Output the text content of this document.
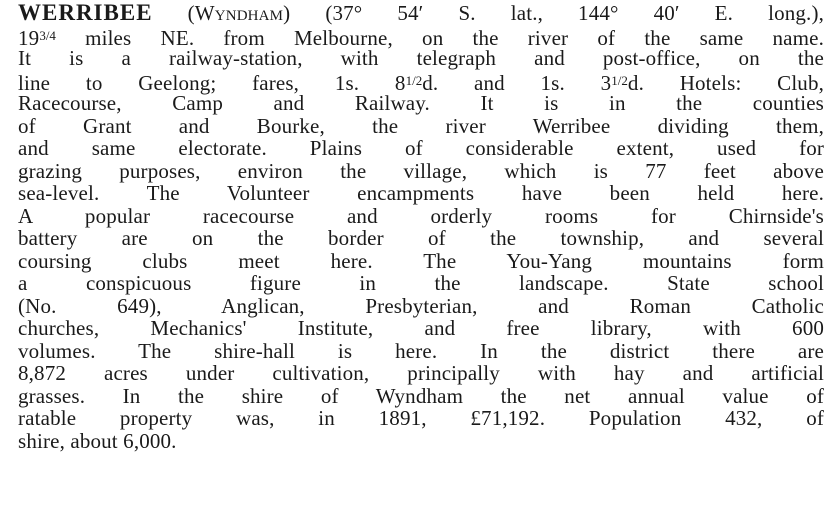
WERRIBEE (Wyndham) (37° 54′ S. lat., 144° 40′ E. long.),
$19^{3/4}$ miles NE. from Melbourne, on the river of the same name.
It is a railway-station, with telegraph and post-office, on the
line to Geelong; fares, 1s. $8^{1/2}d$. and 1s. $3^{1/2}d$. Hotels: Club,
Racecourse, Camp and Railway. It is in the counties
of Grant and Bourke, the river Werribee dividing them,
and same electorate. Plains of considerable extent, used for
grazing purposes, environ the village, which is 77 feet above
sea-level. The Volunteer encampments have been held here.
A popular racecourse and orderly rooms for Chirnside's
battery are on the border of the township, and several
coursing clubs meet here. The You-Yang mountains form
a conspicuous figure in the landscape. State school
(No. 649), Anglican, Presbyterian, and Roman Catholic
churches, Mechanics' Institute, and free library, with 600
volumes. The shire-hall is here. In the district there are
8,872 acres under cultivation, principally with hay and artificial
grasses. In the shire of Wyndham the net annual value of
ratable property was, in 1891, £71,192. Population 432, of
shire, about 6,000.
